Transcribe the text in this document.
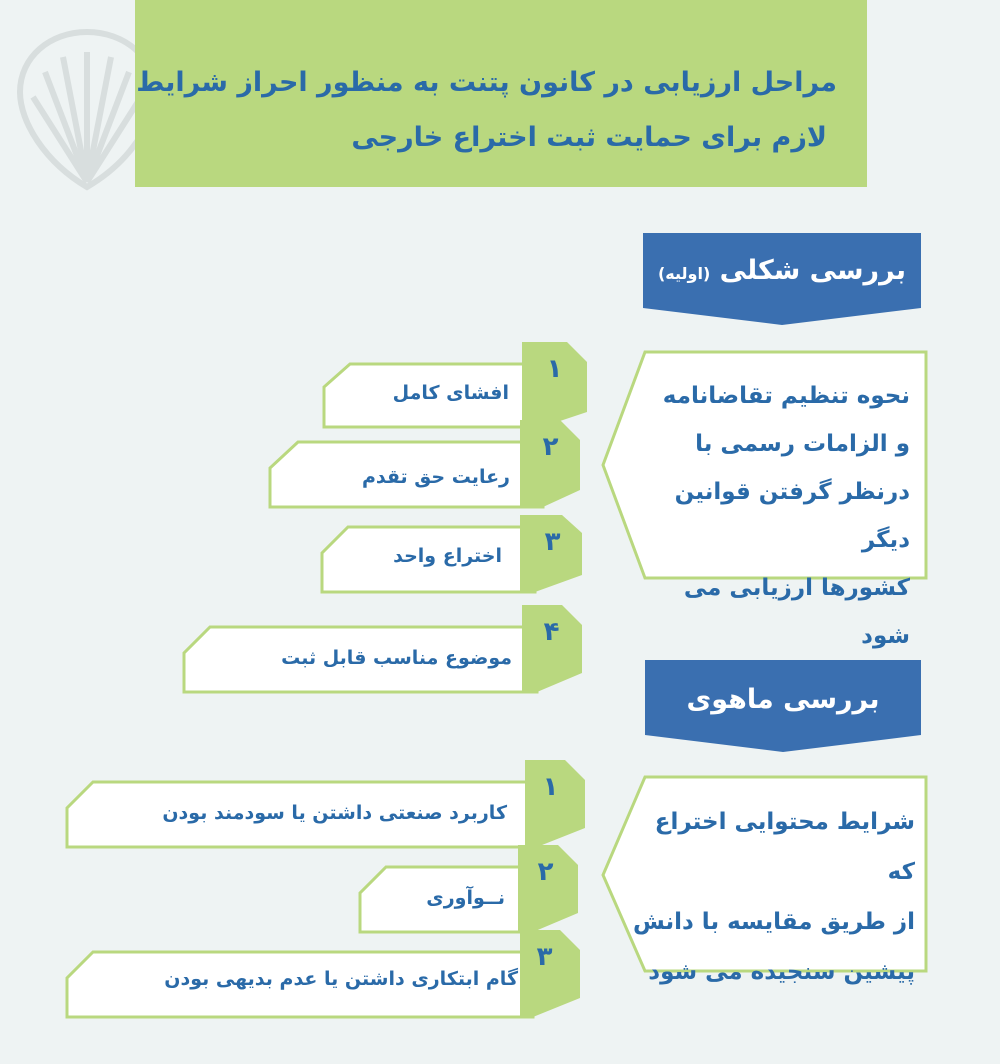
مراحل ارزیابی در کانون پتنت به منظور احراز شرایط
لازم برای حمایت ثبت اختراع خارجی
بررسی شکلی (اولیه)
نحوه تنظیم تقاضانامه
و الزامات رسمی با
درنظر گرفتن قوانین دیگر
کشورها ارزیابی می شود
۱
افشای کامل
۲
رعایت حق تقدم
۳
اختراع واحد
۴
موضوع مناسب قابل ثبت
بررسی ماهوی
شرایط محتوایی اختراع که
از طریق مقایسه با دانش
پیشین سنجیده می شود
۱
کاربرد صنعتی داشتن یا سودمند بودن
۲
نــوآوری
۳
گام ابتکاری داشتن یا عدم بدیهی بودن
